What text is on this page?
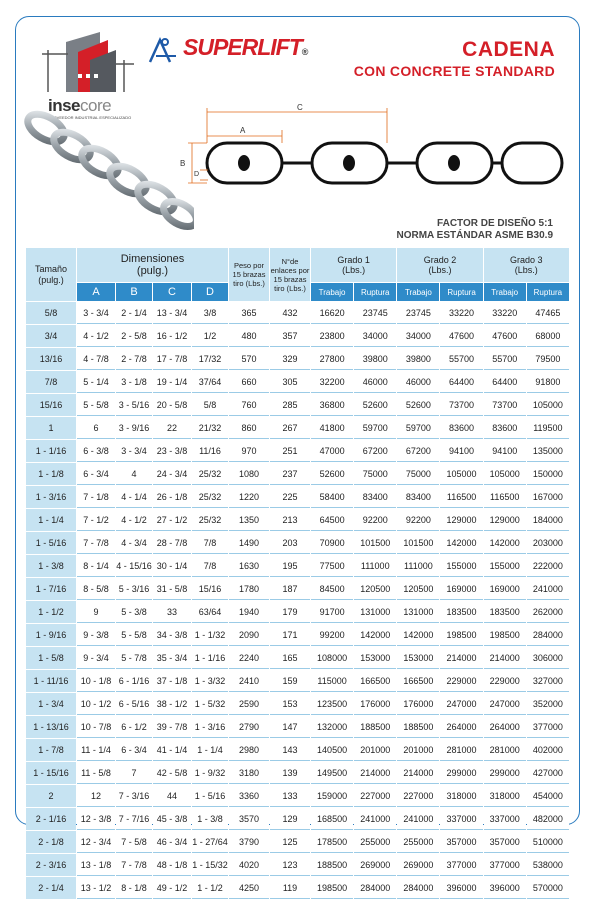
insecore
PROVEEDOR INDUSTRIAL ESPECIALIZADO
SUPERLIFT®	CADENA
CON CONCRETE STANDARD
C
A
B
D
FACTOR DE DISEÑO 5:1
NORMA ESTÁNDAR ASME B30.9
Tamaño (pulg.)	Dimensiones (pulg.)				Peso por 15 brazas tiro (Lbs.)	N°de enlaces por 15 brazas tiro (Lbs.)	Grado 1 (Lbs.)		Grado 2 (Lbs.)		Grado 3 (Lbs.)	
	A	B	C	D			Trabajo	Ruptura	Trabajo	Ruptura	Trabajo	Ruptura
5/8	3 - 3/4	2 - 1/4	13 - 3/4	3/8	365	432	16620	23745	23745	33220	33220	47465
3/4	4 - 1/2	2 - 5/8	16 - 1/2	1/2	480	357	23800	34000	34000	47600	47600	68000
13/16	4 - 7/8	2 - 7/8	17 - 7/8	17/32	570	329	27800	39800	39800	55700	55700	79500
7/8	5 - 1/4	3 - 1/8	19 - 1/4	37/64	660	305	32200	46000	46000	64400	64400	91800
15/16	5 - 5/8	3 - 5/16	20 - 5/8	5/8	760	285	36800	52600	52600	73700	73700	105000
1	6	3 - 9/16	22	21/32	860	267	41800	59700	59700	83600	83600	119500
1 - 1/16	6 - 3/8	3 - 3/4	23 - 3/8	11/16	970	251	47000	67200	67200	94100	94100	135000
1 - 1/8	6 - 3/4	4	24 - 3/4	25/32	1080	237	52600	75000	75000	105000	105000	150000
1 - 3/16	7 - 1/8	4 - 1/4	26 - 1/8	25/32	1220	225	58400	83400	83400	116500	116500	167000
1 - 1/4	7 - 1/2	4 - 1/2	27 - 1/2	25/32	1350	213	64500	92200	92200	129000	129000	184000
1 - 5/16	7 - 7/8	4 - 3/4	28 - 7/8	7/8	1490	203	70900	101500	101500	142000	142000	203000
1 - 3/8	8 - 1/4	4 - 15/16	30 - 1/4	7/8	1630	195	77500	111000	111000	155000	155000	222000
1 - 7/16	8 - 5/8	5 - 3/16	31 - 5/8	15/16	1780	187	84500	120500	120500	169000	169000	241000
1 - 1/2	9	5 - 3/8	33	63/64	1940	179	91700	131000	131000	183500	183500	262000
1 - 9/16	9 - 3/8	5 - 5/8	34 - 3/8	1 - 1/32	2090	171	99200	142000	142000	198500	198500	284000
1 - 5/8	9 - 3/4	5 - 7/8	35 - 3/4	1 - 1/16	2240	165	108000	153000	153000	214000	214000	306000
1 - 11/16	10 - 1/8	6 - 1/16	37 - 1/8	1 - 3/32	2410	159	115000	166500	166500	229000	229000	327000
1 - 3/4	10 - 1/2	6 - 5/16	38 - 1/2	1 - 5/32	2590	153	123500	176000	176000	247000	247000	352000
1 - 13/16	10 - 7/8	6 - 1/2	39 - 7/8	1 - 3/16	2790	147	132000	188500	188500	264000	264000	377000
1 - 7/8	11 - 1/4	6 - 3/4	41 - 1/4	1 - 1/4	2980	143	140500	201000	201000	281000	281000	402000
1 - 15/16	11 - 5/8	7	42 - 5/8	1 - 9/32	3180	139	149500	214000	214000	299000	299000	427000
2	12	7 - 3/16	44	1 - 5/16	3360	133	159000	227000	227000	318000	318000	454000
2 - 1/16	12 - 3/8	7 - 7/16	45 - 3/8	1 - 3/8	3570	129	168500	241000	241000	337000	337000	482000
2 - 1/8	12 - 3/4	7 - 5/8	46 - 3/4	1 - 27/64	3790	125	178500	255000	255000	357000	357000	510000
2 - 3/16	13 - 1/8	7 - 7/8	48 - 1/8	1 - 15/32	4020	123	188500	269000	269000	377000	377000	538000
2 - 1/4	13 - 1/2	8 - 1/8	49 - 1/2	1 - 1/2	4250	119	198500	284000	284000	396000	396000	570000
